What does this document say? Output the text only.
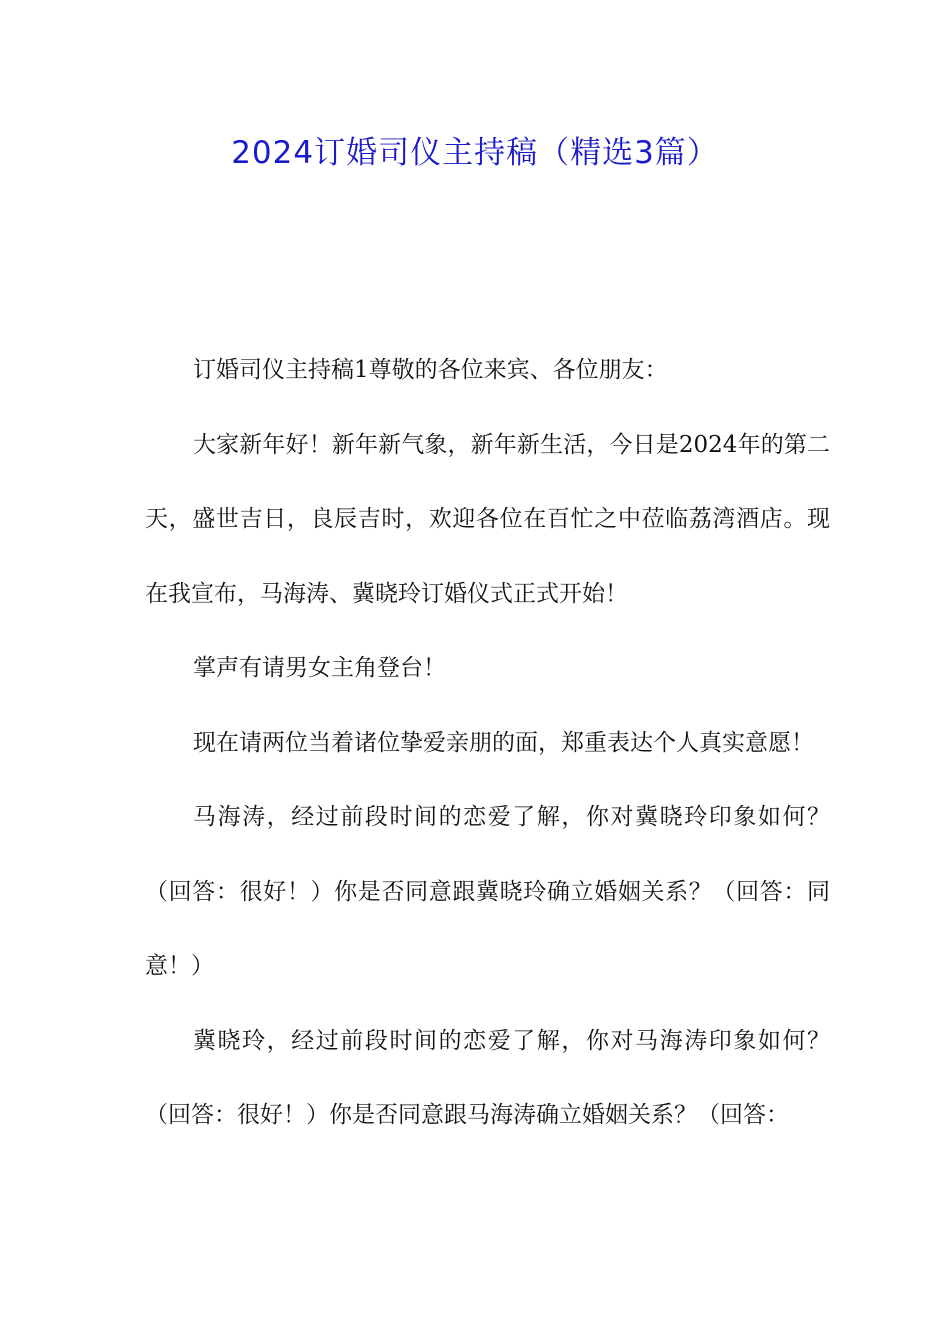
2024订婚司仪主持稿（精选3篇）

订婚司仪主持稿1尊敬的各位来宾、各位朋友：

大家新年好！新年新气象，新年新生活，今日是2024年的第二天，盛世吉日，良辰吉时，欢迎各位在百忙之中莅临荔湾酒店。现在我宣布，马海涛、冀晓玲订婚仪式正式开始！

掌声有请男女主角登台！

现在请两位当着诸位挚爱亲朋的面，郑重表达个人真实意愿！

马海涛，经过前段时间的恋爱了解，你对冀晓玲印象如何？（回答：很好！）你是否同意跟冀晓玲确立婚姻关系？（回答：同意！）

冀晓玲，经过前段时间的恋爱了解，你对马海涛印象如何？（回答：很好！）你是否同意跟马海涛确立婚姻关系？（回答：
